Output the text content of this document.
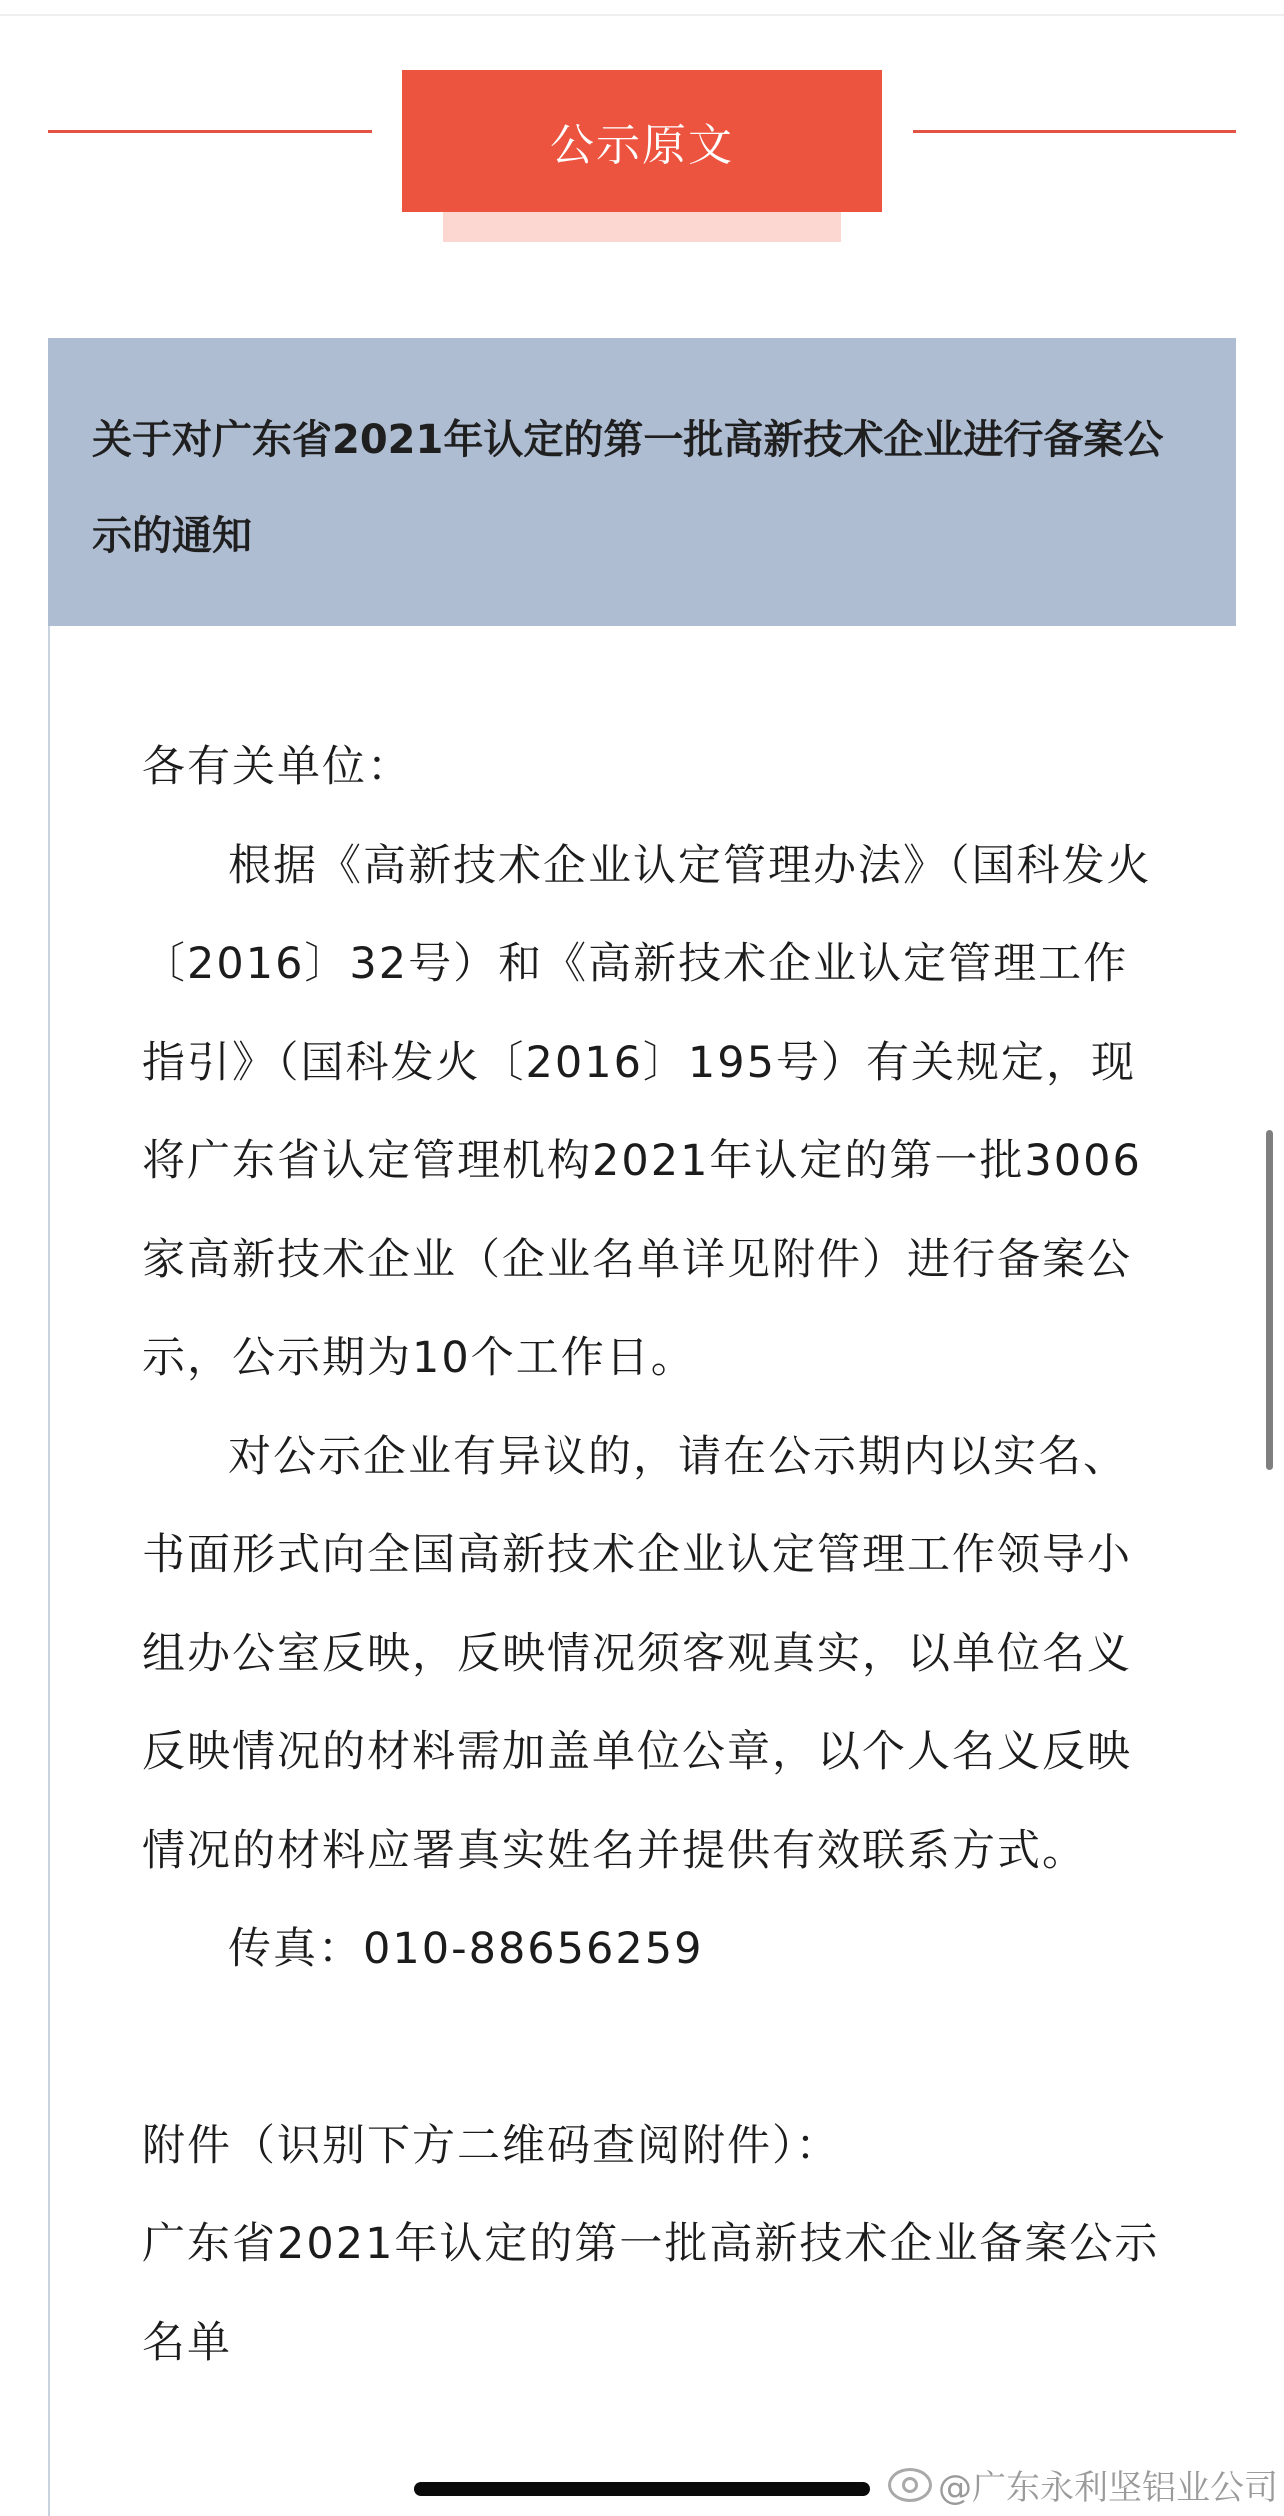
公示原文
关于对广东省2021年认定的第一批高新技术企业进行备案公示的通知

各有关单位：

根据《高新技术企业认定管理办法》（国科发火〔2016〕32号）和《高新技术企业认定管理工作指引》（国科发火〔2016〕195号）有关规定，现将广东省认定管理机构2021年认定的第一批3006家高新技术企业（企业名单详见附件）进行备案公示，公示期为10个工作日。

对公示企业有异议的，请在公示期内以实名、书面形式向全国高新技术企业认定管理工作领导小组办公室反映，反映情况须客观真实，以单位名义反映情况的材料需加盖单位公章，以个人名义反映情况的材料应署真实姓名并提供有效联系方式。

传真：010-88656259

附件（识别下方二维码查阅附件）：

广东省2021年认定的第一批高新技术企业备案公示名单

@广东永利坚铝业公司
